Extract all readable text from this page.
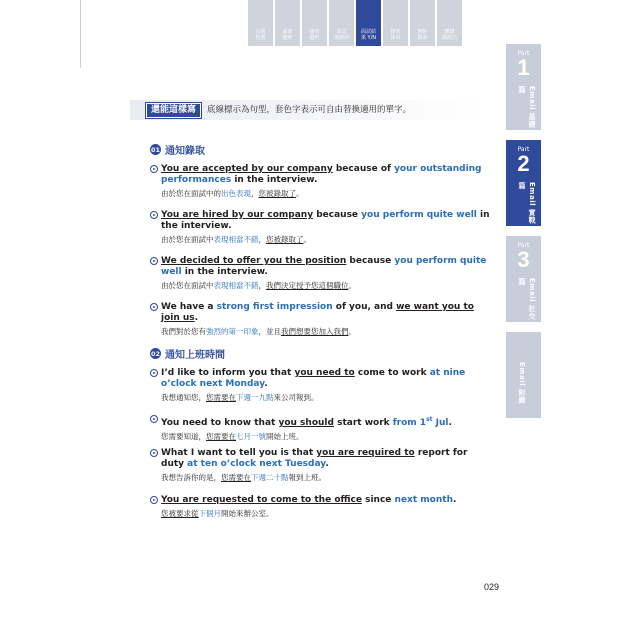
自我
推薦
面談
邀約
接受
邀約
面試
感謝函
面試結
果 Y/N
接受
錄取
婉拒
錄取
離職
感謝信
Part
1
Email 基礎篇
Part
2
Email 實戰篇
Part
3
Email 社交篇
Email 附錄
還能這樣寫	底線標示為句型，套色字表示可自由替換適用的單字。
01 通知錄取
You are accepted by our company because of your outstanding performances in the interview.
由於您在面試中的出色表現，您被錄取了。
You are hired by our company because you perform quite well in the interview.
由於您在面試中表現相當不錯，您被錄取了。
We decided to offer you the position because you perform quite well in the interview.
由於您在面試中表現相當不錯，我們決定授予您這個職位。
We have a strong first impression of you, and we want you to join us.
我們對於您有強烈的第一印象，並且我們想要您加入我們。
02 通知上班時間
I’d like to inform you that you need to come to work at nine o’clock next Monday.
我想通知您，您需要在下週一九點來公司報到。
You need to know that you should start work from 1st Jul.
您需要知道，您需要在七月一號開始上班。
What I want to tell you is that you are required to report for duty at ten o’clock next Tuesday.
我想告訴你的是，您需要在下週二十點報到上班。
You are requested to come to the office since next month.
您被要求從下個月開始來辦公室。
029
